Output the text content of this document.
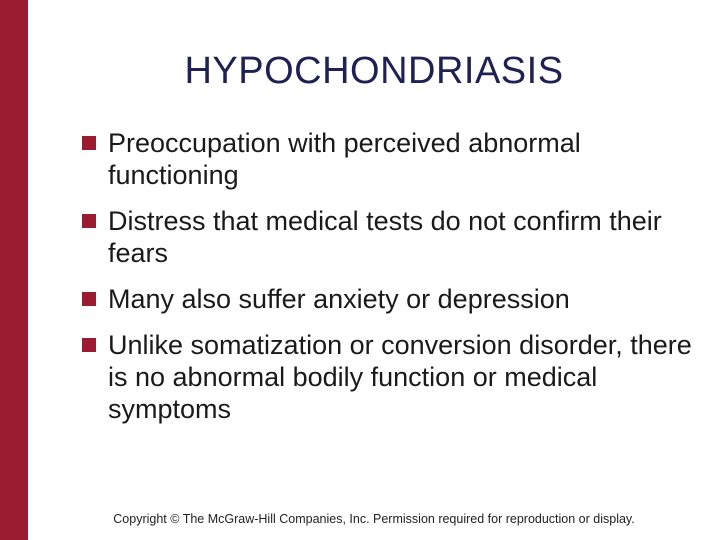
HYPOCHONDRIASIS
Preoccupation with perceived abnormal functioning
Distress that medical tests do not confirm their fears
Many also suffer anxiety or depression
Unlike somatization or conversion disorder, there is no abnormal bodily function or medical symptoms
Copyright © The McGraw-Hill Companies, Inc. Permission required for reproduction or display.
